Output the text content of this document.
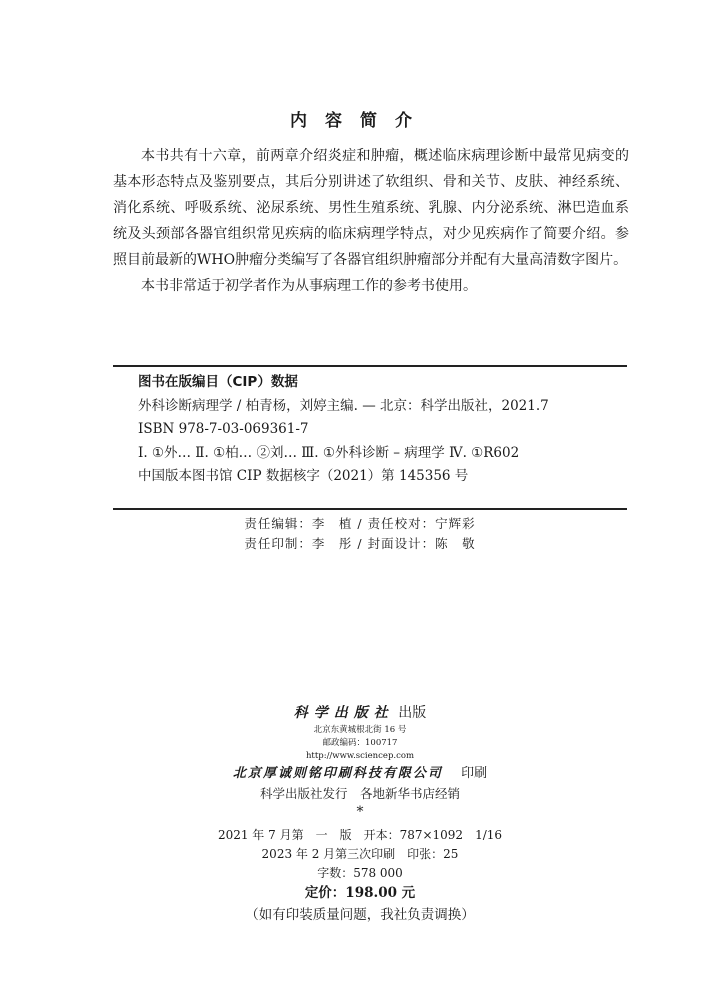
内容简介

本书共有十六章，前两章介绍炎症和肿瘤，概述临床病理诊断中最常见病变的基本形态特点及鉴别要点，其后分别讲述了软组织、骨和关节、皮肤、神经系统、消化系统、呼吸系统、泌尿系统、男性生殖系统、乳腺、内分泌系统、淋巴造血系统及头颈部各器官组织常见疾病的临床病理学特点，对少见疾病作了简要介绍。参照目前最新的WHO肿瘤分类编写了各器官组织肿瘤部分并配有大量高清数字图片。

本书非常适于初学者作为从事病理工作的参考书使用。

图书在版编目（CIP）数据
外科诊断病理学 / 柏青杨，刘婷主编. — 北京：科学出版社，2021.7
ISBN 978-7-03-069361-7
Ⅰ. ①外… Ⅱ. ①柏… ②刘… Ⅲ. ①外科诊断 – 病理学 Ⅳ. ①R602
中国版本图书馆 CIP 数据核字（2021）第 145356 号
责任编辑：李　植 / 责任校对：宁辉彩
责任印制：李　彤 / 封面设计：陈　敬
科学出版社 出版
北京东黄城根北街 16 号
邮政编码：100717
http://www.sciencep.com
北京厚诚则铭印刷科技有限公司 印刷
科学出版社发行　各地新华书店经销
*
2021 年 7 月第　一　版　开本：787×1092　1/16
2023 年 2 月第三次印刷　印张：25
字数：578 000
定价：198.00 元
（如有印装质量问题，我社负责调换）
